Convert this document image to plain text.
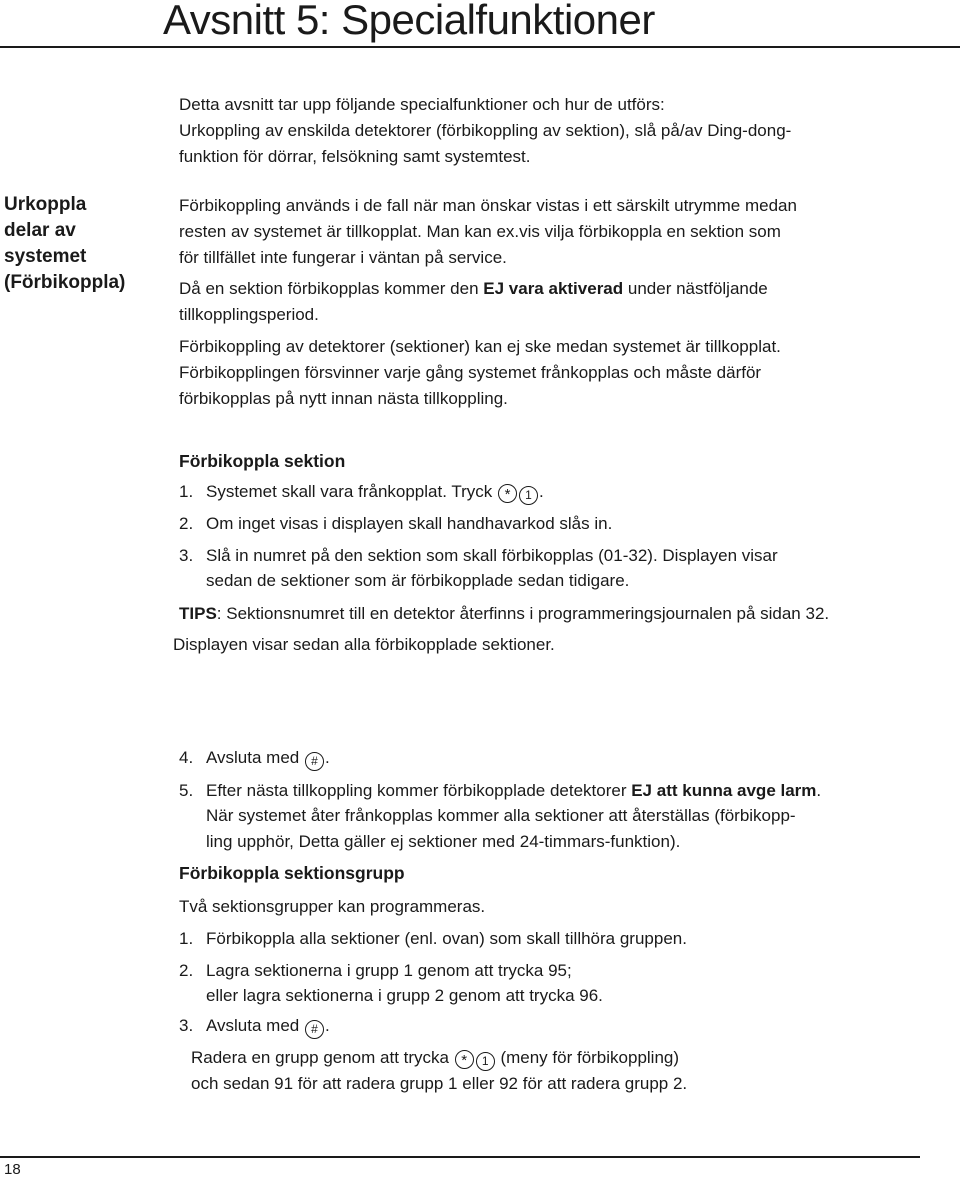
Avsnitt 5: Specialfunktioner

Detta avsnitt tar upp följande specialfunktioner och hur de utförs:

Urkoppling av enskilda detektorer (förbikoppling av sektion), slå på/av Ding-dong-

funktion för dörrar, felsökning samt systemtest.

Urkoppla
delar av
systemet
(Förbikoppla)

Förbikoppling används i de fall när man önskar vistas i ett särskilt utrymme medan

resten av systemet är tillkopplat. Man kan ex.vis vilja förbikoppla en sektion som

för tillfället inte fungerar i väntan på service.

Då en sektion förbikopplas kommer den EJ vara aktiverad under nästföljande

tillkopplingsperiod.

Förbikoppling av detektorer (sektioner) kan ej ske medan systemet är tillkopplat.

Förbikopplingen försvinner varje gång systemet frånkopplas och måste därför

förbikopplas på nytt innan nästa tillkoppling.

Förbikoppla sektion

1. Systemet skall vara frånkopplat. Tryck * 1 .

2. Om inget visas i displayen skall handhavarkod slås in.

3. Slå in numret på den sektion som skall förbikopplas (01-32). Displayen visar

sedan de sektioner som är förbikopplade sedan tidigare.

TIPS: Sektionsnumret till en detektor återfinns i programmeringsjournalen på sidan 32.

Displayen visar sedan alla förbikopplade sektioner.

4. Avsluta med # .

5. Efter nästa tillkoppling kommer förbikopplade detektorer EJ att kunna avge larm.

När systemet åter frånkopplas kommer alla sektioner att återställas (förbikopp-

ling upphör, Detta gäller ej sektioner med 24-timmars-funktion).

Förbikoppla sektionsgrupp

Två sektionsgrupper kan programmeras.

1. Förbikoppla alla sektioner (enl. ovan) som skall tillhöra gruppen.

2. Lagra sektionerna i grupp 1 genom att trycka 95;

eller lagra sektionerna i grupp 2 genom att trycka 96.

3. Avsluta med # .

Radera en grupp genom att trycka * 1 (meny för förbikoppling)

och sedan 91 för att radera grupp 1 eller 92 för att radera grupp 2.

18
